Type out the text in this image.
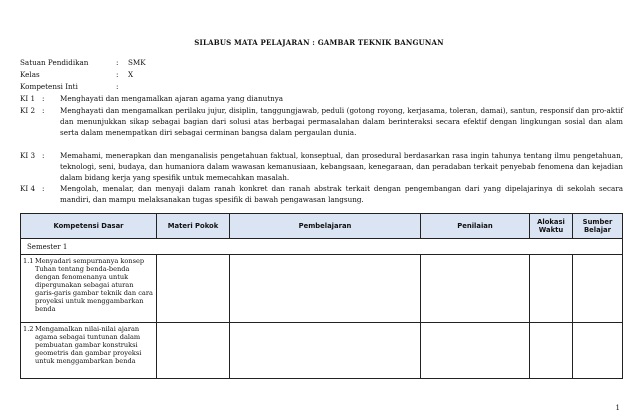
SILABUS MATA PELAJARAN : GAMBAR TEKNIK BANGUNAN
Satuan Pendidikan	: SMK
Kelas	: X
Kompetensi Inti	:
KI 1 : Menghayati dan mengamalkan ajaran agama yang dianutnya
KI 2 : Menghayati dan mengamalkan perilaku jujur, disiplin, tanggungjawab, peduli (gotong royong, kerjasama, toleran, damai), santun, responsif dan pro-aktif dan menunjukkan sikap sebagai bagian dari solusi atas berbagai permasalahan dalam berinteraksi secara efektif dengan lingkungan sosial dan alam serta dalam menempatkan diri sebagai cerminan bangsa dalam pergaulan dunia.
KI 3 : Memahami, menerapkan dan menganalisis pengetahuan faktual, konseptual, dan prosedural berdasarkan rasa ingin tahunya tentang ilmu pengetahuan, teknologi, seni, budaya, dan humaniora dalam wawasan kemanusiaan, kebangsaan, kenegaraan, dan peradaban terkait penyebab fenomena dan kejadian dalam bidang kerja yang spesifik untuk memecahkan masalah.
KI 4 : Mengolah, menalar, dan menyaji dalam ranah konkret dan ranah abstrak terkait dengan pengembangan dari yang dipelajarinya di sekolah secara mandiri, dan mampu melaksanakan tugas spesifik di bawah pengawasan langsung.
Kompetensi Dasar	Materi Pokok	Pembelajaran	Penilaian	Alokasi Waktu	Sumber Belajar
Semester 1					

1.1 Menyadari sempurnanya konsep Tuhan tentang benda-benda dengan fenomenanya untuk dipergunakan sebagai aturan garis-garis gambar teknik dan cara proyeksi untuk menggambarkan benda					

1.2 Mengamalkan nilai-nilai ajaran agama sebagai tuntunan dalam pembuatan gambar konstruksi geometris dan gambar proyeksi untuk menggambarkan benda					

1
